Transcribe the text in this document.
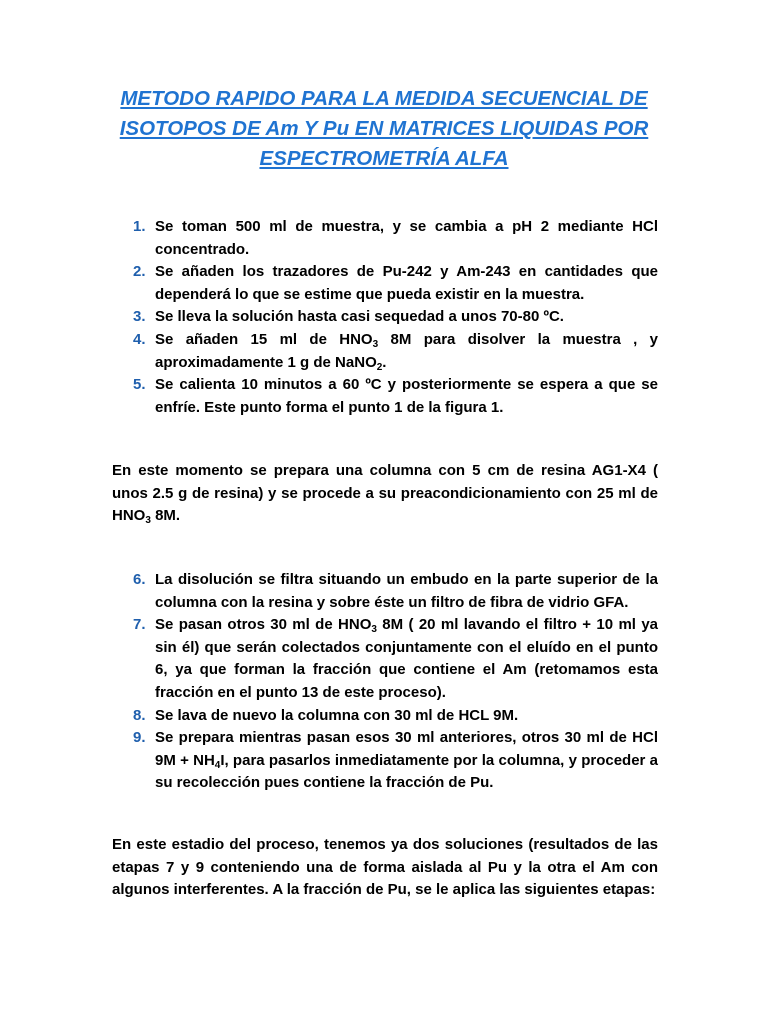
METODO RAPIDO PARA LA MEDIDA SECUENCIAL DE
ISOTOPOS DE Am Y Pu EN MATRICES LIQUIDAS POR
ESPECTROMETRÍA ALFA
1. Se toman 500 ml de muestra, y se cambia a pH 2 mediante HCl concentrado.
2. Se añaden los trazadores de Pu-242 y Am-243 en cantidades que dependerá lo que se estime que pueda existir en la muestra.
3. Se lleva la solución hasta casi sequedad a unos 70-80 ºC.
4. Se añaden 15 ml de $HNO_3$ 8M para disolver la muestra , y aproximadamente 1 g de NaNO$_2$.
5. Se calienta 10 minutos a 60 ºC y posteriormente se espera a que se enfríe. Este punto forma el punto 1 de la figura 1.

En este momento se prepara una columna con 5 cm de resina AG1-X4 ( unos 2.5 g de resina) y se procede a su preacondicionamiento con 25 ml de $HNO_3$ 8M.

6. La disolución se filtra situando un embudo en la parte superior de la columna con la resina y sobre éste un filtro de fibra de vidrio GFA.
7. Se pasan otros 30 ml de $HNO_3$ 8M ( 20 ml lavando el filtro + 10 ml ya sin él) que serán colectados conjuntamente con el eluído en el punto 6, ya que forman la fracción que contiene el Am (retomamos esta fracción en el punto 13 de este proceso).
8. Se lava de nuevo la columna con 30 ml de HCL 9M.
9. Se prepara mientras pasan esos 30 ml anteriores, otros 30 ml de HCl $9M + NH_4I$, para pasarlos inmediatamente por la columna, y proceder a su recolección pues contiene la fracción de Pu.

En este estadio del proceso, tenemos ya dos soluciones (resultados de las etapas 7 y 9 conteniendo una de forma aislada al Pu y la otra el Am con algunos interferentes. A la fracción de Pu, se le aplica las siguientes etapas:
